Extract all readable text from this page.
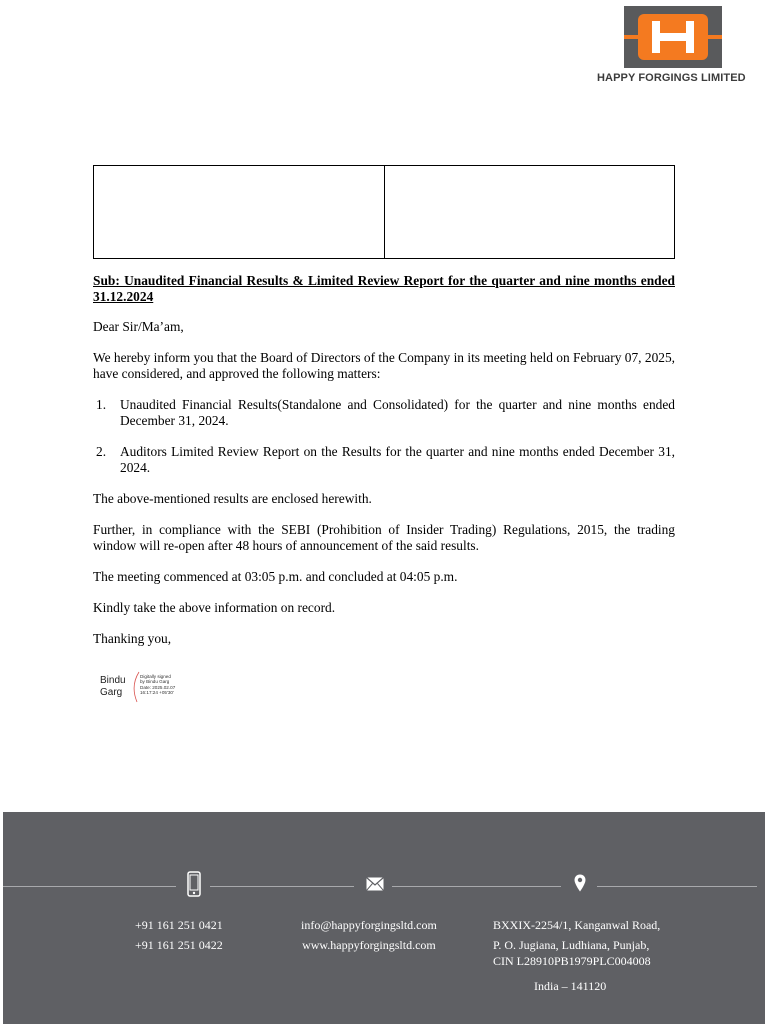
HAPPY FORGINGS LIMITED

Sub: Unaudited Financial Results & Limited Review Report for the quarter and nine months ended 31.12.2024

Dear Sir/Ma’am,

We hereby inform you that the Board of Directors of the Company in its meeting held on February 07, 2025, have considered, and approved the following matters:

1. Unaudited Financial Results(Standalone and Consolidated) for the quarter and nine months ended December 31, 2024.
2. Auditors Limited Review Report on the Results for the quarter and nine months ended December 31, 2024.

The above-mentioned results are enclosed herewith.

Further, in compliance with the SEBI (Prohibition of Insider Trading) Regulations, 2015, the trading window will re-open after 48 hours of announcement of the said results.

The meeting commenced at 03:05 p.m. and concluded at 04:05 p.m.

Kindly take the above information on record.

Thanking you,

Bindu
Garg
Digitally signed
by Bindu Garg
Date: 2025.02.07
16:17:24 +05'30'
+91 161 251 0421
+91 161 251 0422
info@happyforgingsltd.com
www.happyforgingsltd.com
BXXIX-2254/1, Kanganwal Road,
P. O. Jugiana, Ludhiana, Punjab,
CIN L28910PB1979PLC004008
India – 141120
